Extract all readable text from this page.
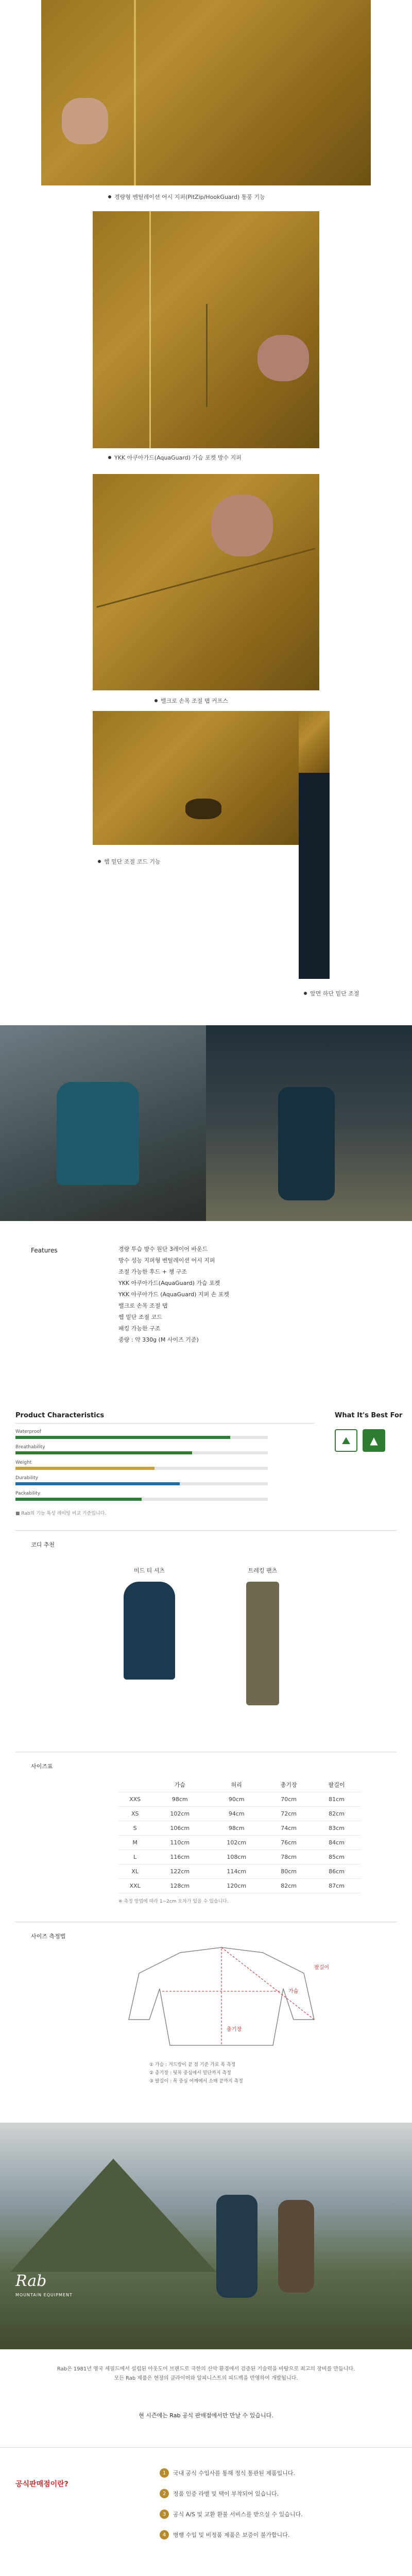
경량형 벤틸레이션 어시 지퍼(PitZip/HookGuard) 통풍 기능
YKK 아쿠아가드(AquaGuard) 가슴 포켓 방수 지퍼
밸크로 손목 조절 탭 커프스
헴 밑단 조절 코드 기능
앞면 하단 밑단 조절
Features	경량 투습 방수 원단 3레이어 바운드
방수 성능 지퍼형 벤틸레이션 어시 지퍼
조절 가능한 후드 + 챙 구조
YKK 아쿠아가드(AquaGuard) 가슴 포켓
YKK 아쿠아가드 (AquaGuard) 지퍼 손 포켓
밸크로 손목 조절 탭
헴 밑단 조절 코드
패킹 가능한 구조
중량 : 약 330g (M 사이즈 기준)
Product Characteristics	What It's Best For
Waterproof
Breathability
Weight
Durability
Packability
⛰	▲
■ Rab의 기능 특성 레이팅 비교 기준입니다.
코디 추천
미드 티 셔츠	트레킹 팬츠
사이즈표
	가슴	허리	총기장	팔길이
XXS	98cm	90cm	70cm	81cm
XS	102cm	94cm	72cm	82cm
S	106cm	98cm	74cm	83cm
M	110cm	102cm	76cm	84cm
L	116cm	108cm	78cm	85cm
XL	122cm	114cm	80cm	86cm
XXL	128cm	120cm	82cm	87cm
※ 측정 방법에 따라 1~2cm 오차가 있을 수 있습니다.
사이즈 측정법
팔길이
가슴
총기장
① 가슴 : 겨드랑이 끝 점 기준 가로 폭 측정
② 총기장 : 뒷목 중심에서 밑단까지 측정
③ 팔길이 : 목 중심 어깨에서 소매 끝까지 측정
Rab
MOUNTAIN EQUIPMENT
Rab은 1981년 영국 셰필드에서 설립된 아웃도어 브랜드로 극한의 산악 환경에서 검증된 기술력을 바탕으로 최고의 장비를 만듭니다. 모든 Rab 제품은 현장의 클라이머와 알피니스트의 피드백을 반영하여 개발됩니다.
현 시즌에는 Rab 공식 판매점에서만 만날 수 있습니다.
공식판매점이란?
1	국내 공식 수입사를 통해 정식 통관된 제품입니다.
2	정품 인증 라벨 및 택이 부착되어 있습니다.
3	공식 A/S 및 교환 환불 서비스를 받으실 수 있습니다.
4	병행 수입 및 비정품 제품은 보증이 불가합니다.
